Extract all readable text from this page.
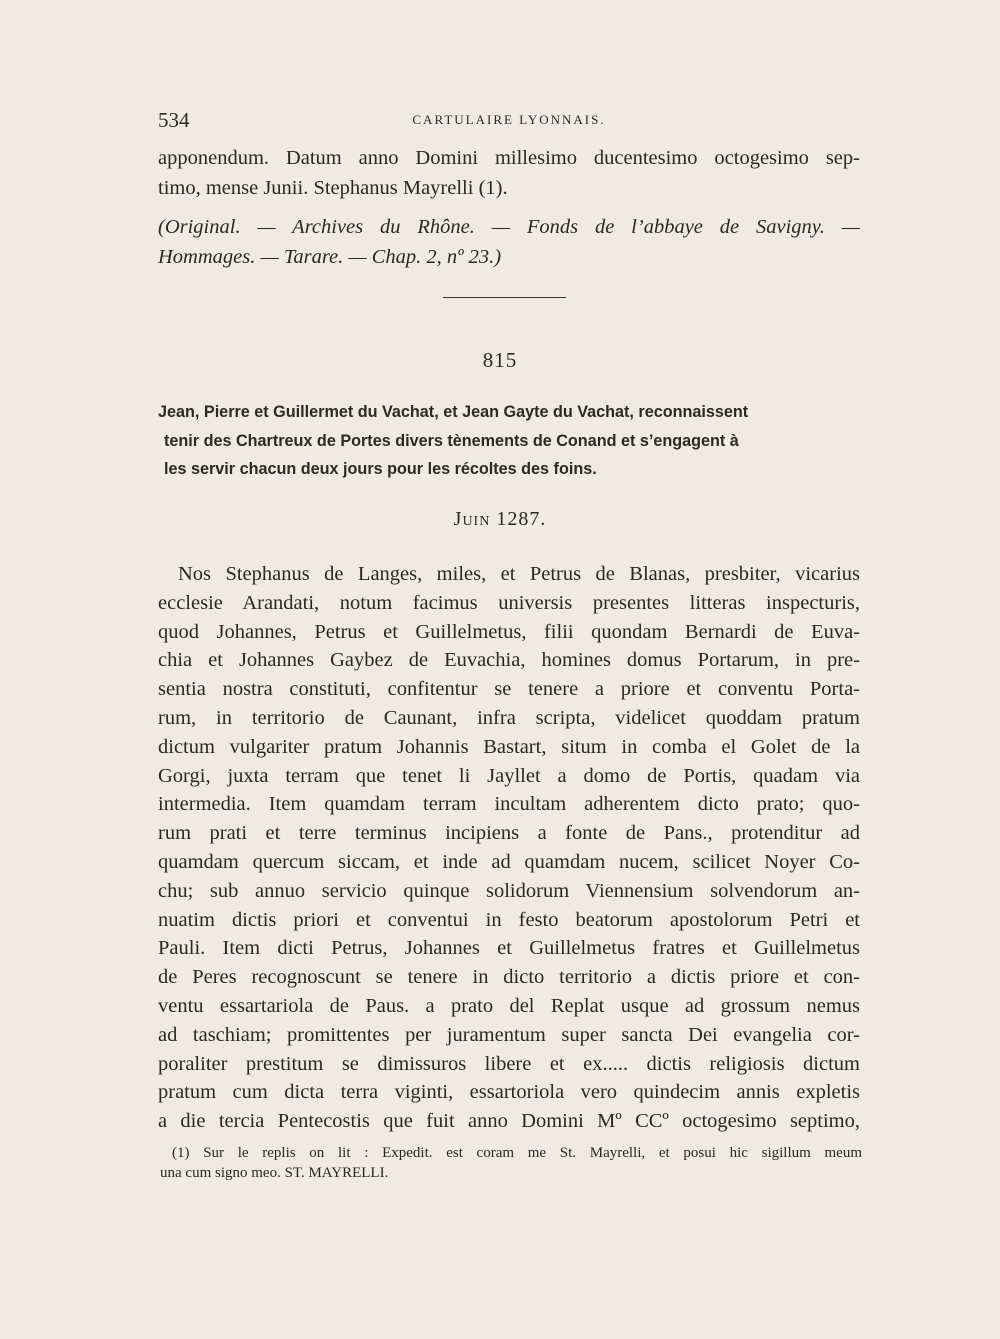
534	CARTULAIRE LYONNAIS.
apponendum. Datum anno Domini millesimo ducentesimo octogesimo sep-
timo, mense Junii. Stephanus Mayrelli (1).
(Original. — Archives du Rhône. — Fonds de l’abbaye de Savigny. —
Hommages. — Tarare. — Chap. 2, nº 23.)
815
Jean, Pierre et Guillermet du Vachat, et Jean Gayte du Vachat, reconnaissent
tenir des Chartreux de Portes divers tènements de Conand et s’engagent à
les servir chacun deux jours pour les récoltes des foins.
Juin 1287.
Nos Stephanus de Langes, miles, et Petrus de Blanas, presbiter, vicarius
ecclesie Arandati, notum facimus universis presentes litteras inspecturis,
quod Johannes, Petrus et Guillelmetus, filii quondam Bernardi de Euva-
chia et Johannes Gaybez de Euvachia, homines domus Portarum, in pre-
sentia nostra constituti, confitentur se tenere a priore et conventu Porta-
rum, in territorio de Caunant, infra scripta, videlicet quoddam pratum
dictum vulgariter pratum Johannis Bastart, situm in comba el Golet de la
Gorgi, juxta terram que tenet li Jayllet a domo de Portis, quadam via
intermedia. Item quamdam terram incultam adherentem dicto prato; quo-
rum prati et terre terminus incipiens a fonte de Pans., protenditur ad
quamdam quercum siccam, et inde ad quamdam nucem, scilicet Noyer Co-
chu; sub annuo servicio quinque solidorum Viennensium solvendorum an-
nuatim dictis priori et conventui in festo beatorum apostolorum Petri et
Pauli. Item dicti Petrus, Johannes et Guillelmetus fratres et Guillelmetus
de Peres recognoscunt se tenere in dicto territorio a dictis priore et con-
ventu essartariola de Paus. a prato del Replat usque ad grossum nemus
ad taschiam; promittentes per juramentum super sancta Dei evangelia cor-
poraliter prestitum se dimissuros libere et ex..... dictis religiosis dictum
pratum cum dicta terra viginti, essartoriola vero quindecim annis expletis
a die tercia Pentecostis que fuit anno Domini Mº CCº octogesimo septimo,
(1) Sur le replis on lit : Expedit. est coram me St. Mayrelli, et posui hic sigillum meum
una cum signo meo. ST. MAYRELLI.
